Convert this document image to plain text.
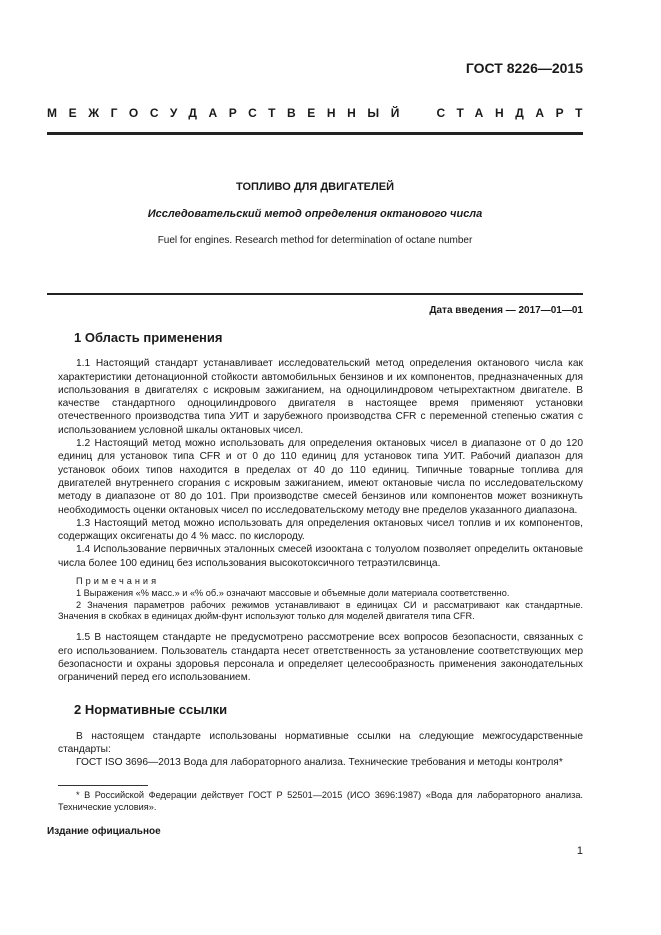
ГОСТ 8226—2015
МЕЖГОСУДАРСТВЕННЫЙ СТАНДАРТ
ТОПЛИВО ДЛЯ ДВИГАТЕЛЕЙ
Исследовательский метод определения октанового числа
Fuel for engines. Research method for determination of octane number
Дата введения — 2017—01—01
1 Область применения

1.1 Настоящий стандарт устанавливает исследовательский метод определения октанового числа как характеристики детонационной стойкости автомобильных бензинов и их компонентов, предназначенных для использования в двигателях с искровым зажиганием, на одноцилиндровом четырехтактном двигателе. В качестве стандартного одноцилиндрового двигателя в настоящее время применяют установки отечественного производства типа УИТ и зарубежного производства CFR с переменной степенью сжатия с использованием условной шкалы октановых чисел.

1.2 Настоящий метод можно использовать для определения октановых чисел в диапазоне от 0 до 120 единиц для установок типа CFR и от 0 до 110 единиц для установок типа УИТ. Рабочий диапазон для установок обоих типов находится в пределах от 40 до 110 единиц. Типичные товарные топлива для двигателей внутреннего сгорания с искровым зажиганием, имеют октановые числа по исследовательскому методу в диапазоне от 80 до 101. При производстве смесей бензинов или компонентов может возникнуть необходимость оценки октановых чисел по исследовательскому методу вне пределов указанного диапазона.

1.3 Настоящий метод можно использовать для определения октановых чисел топлив и их компонентов, содержащих оксигенаты до 4 % масс. по кислороду.

1.4 Использование первичных эталонных смесей изооктана с толуолом позволяет определить октановые числа более 100 единиц без использования высокотоксичного тетраэтилсвинца.

Примечания

1 Выражения «% масс.» и «% об.» означают массовые и объемные доли материала соответственно.

2 Значения параметров рабочих режимов устанавливают в единицах СИ и рассматривают как стандартные. Значения в скобках в единицах дюйм-фунт используют только для моделей двигателя типа CFR.

1.5 В настоящем стандарте не предусмотрено рассмотрение всех вопросов безопасности, связанных с его использованием. Пользователь стандарта несет ответственность за установление соответствующих мер безопасности и охраны здоровья персонала и определяет целесообразность применения законодательных ограничений перед его использованием.

2 Нормативные ссылки

В настоящем стандарте использованы нормативные ссылки на следующие межгосударственные стандарты:

ГОСТ ISO 3696—2013 Вода для лабораторного анализа. Технические требования и методы контроля*

* В Российской Федерации действует ГОСТ Р 52501—2015 (ИСО 3696:1987) «Вода для лабораторного анализа. Технические условия».

Издание официальное
1
